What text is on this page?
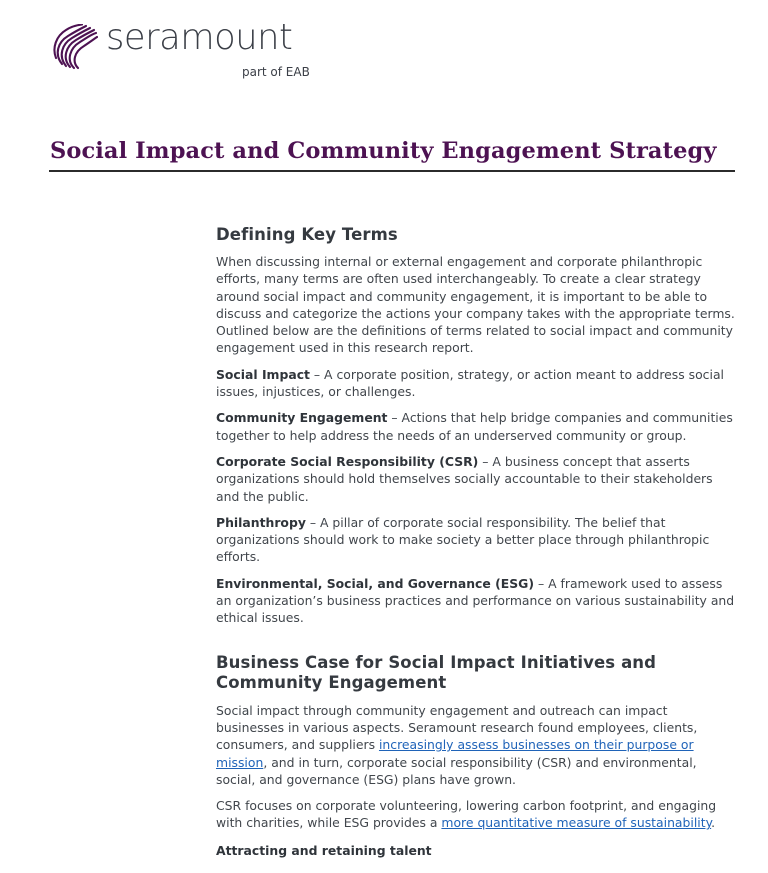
seramount
part of EAB
Social Impact and Community Engagement Strategy
Defining Key Terms

When discussing internal or external engagement and corporate philanthropic efforts, many terms are often used interchangeably. To create a clear strategy around social impact and community engagement, it is important to be able to discuss and categorize the actions your company takes with the appropriate terms. Outlined below are the definitions of terms related to social impact and community engagement used in this research report.

Social Impact – A corporate position, strategy, or action meant to address social issues, injustices, or challenges.

Community Engagement – Actions that help bridge companies and communities together to help address the needs of an underserved community or group.

Corporate Social Responsibility (CSR) – A business concept that asserts organizations should hold themselves socially accountable to their stakeholders and the public.

Philanthropy – A pillar of corporate social responsibility. The belief that organizations should work to make society a better place through philanthropic efforts.

Environmental, Social, and Governance (ESG) – A framework used to assess an organization’s business practices and performance on various sustainability and ethical issues.

Business Case for Social Impact Initiatives and Community Engagement

Social impact through community engagement and outreach can impact businesses in various aspects. Seramount research found employees, clients, consumers, and suppliers increasingly assess businesses on their purpose or mission, and in turn, corporate social responsibility (CSR) and environmental, social, and governance (ESG) plans have grown.

CSR focuses on corporate volunteering, lowering carbon footprint, and engaging with charities, while ESG provides a more quantitative measure of sustainability.

Attracting and retaining talent
